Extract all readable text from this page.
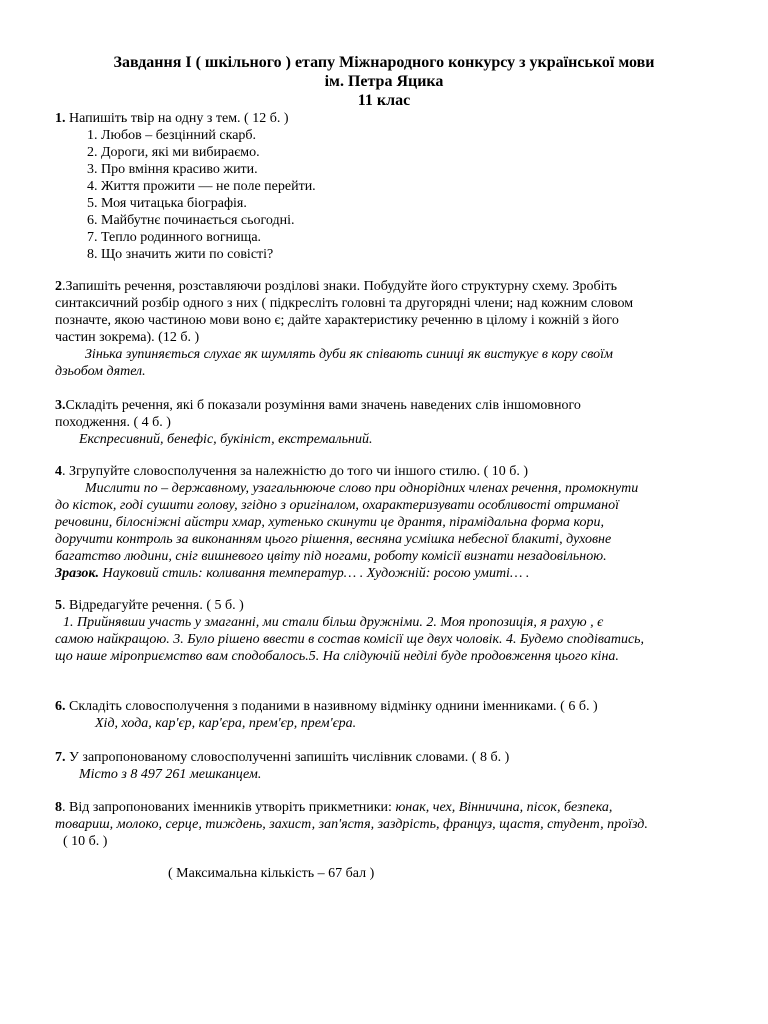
Завдання І ( шкільного ) етапу Міжнародного конкурсу з української мови
ім. Петра Яцика
11 клас
1. Напишіть твір на одну з тем. ( 12 б. )
1. Любов – безцінний скарб.
2. Дороги, які ми вибираємо.
3. Про вміння красиво жити.
4. Життя прожити — не поле перейти.
5. Моя читацька біографія.
6. Майбутнє починається сьогодні.
7. Тепло родинного вогнища.
8. Що значить жити по совісті?
2.Запишіть речення, розставляючи розділові знаки. Побудуйте його структурну схему. Зробіть
синтаксичний розбір одного з них ( підкресліть головні та другорядні члени; над кожним словом
позначте, якою частиною мови воно є; дайте характеристику реченню в цілому і кожній з його
частин зокрема). (12 б. )
Зінька зупиняється слухає як шумлять дуби як співають синиці як вистукує в кору своїм
дзьобом дятел.
3.Складіть речення, які б показали розуміння вами значень наведених слів іншомовного
походження. ( 4 б. )
Експресивний, бенефіс, букініст, екстремальний.
4. Згрупуйте словосполучення за належністю до того чи іншого стилю. ( 10 б. )
Мислити по – державному, узагальнююче слово при однорідних членах речення, промокнути
до кісток, годі сушити голову, згідно з оригіналом, охарактеризувати особливості отриманої
речовини, білосніжні айстри хмар, хутенько скинути це дрантя, пірамідальна форма кори,
доручити контроль за виконанням цього рішення, весняна усмішка небесної блакиті, духовне
багатство людини, сніг вишневого цвіту під ногами, роботу комісії визнати незадовільною.
Зразок. Науковий стиль: коливання температур… . Художній: росою умиті… .
5. Відредагуйте речення. ( 5 б. )
1. Прийнявши участь у змаганні, ми стали більш дружніми. 2. Моя пропозиція, я рахую , є
самою найкращою. 3. Було рішено ввести в состав комісії ще двух чоловік. 4. Будемо сподіватись,
що наше міроприємство вам сподобалось.5. На слідуючій неділі буде продовження цього кіна.
6. Складіть словосполучення з поданими в називному відмінку однини іменниками. ( 6 б. )
Хід, хода, кар'єр, кар'єра, прем'єр, прем'єра.
7. У запропонованому словосполученні запишіть числівник словами. ( 8 б. )
Місто з 8 497 261 мешканцем.
8. Від запропонованих іменників утворіть прикметники: юнак, чех, Вінничина, пісок, безпека,
товариш, молоко, серце, тиждень, захист, зап'ястя, заздрість, француз, щастя, студент, проїзд.
( 10 б. )
( Максимальна кількість – 67 бал )
